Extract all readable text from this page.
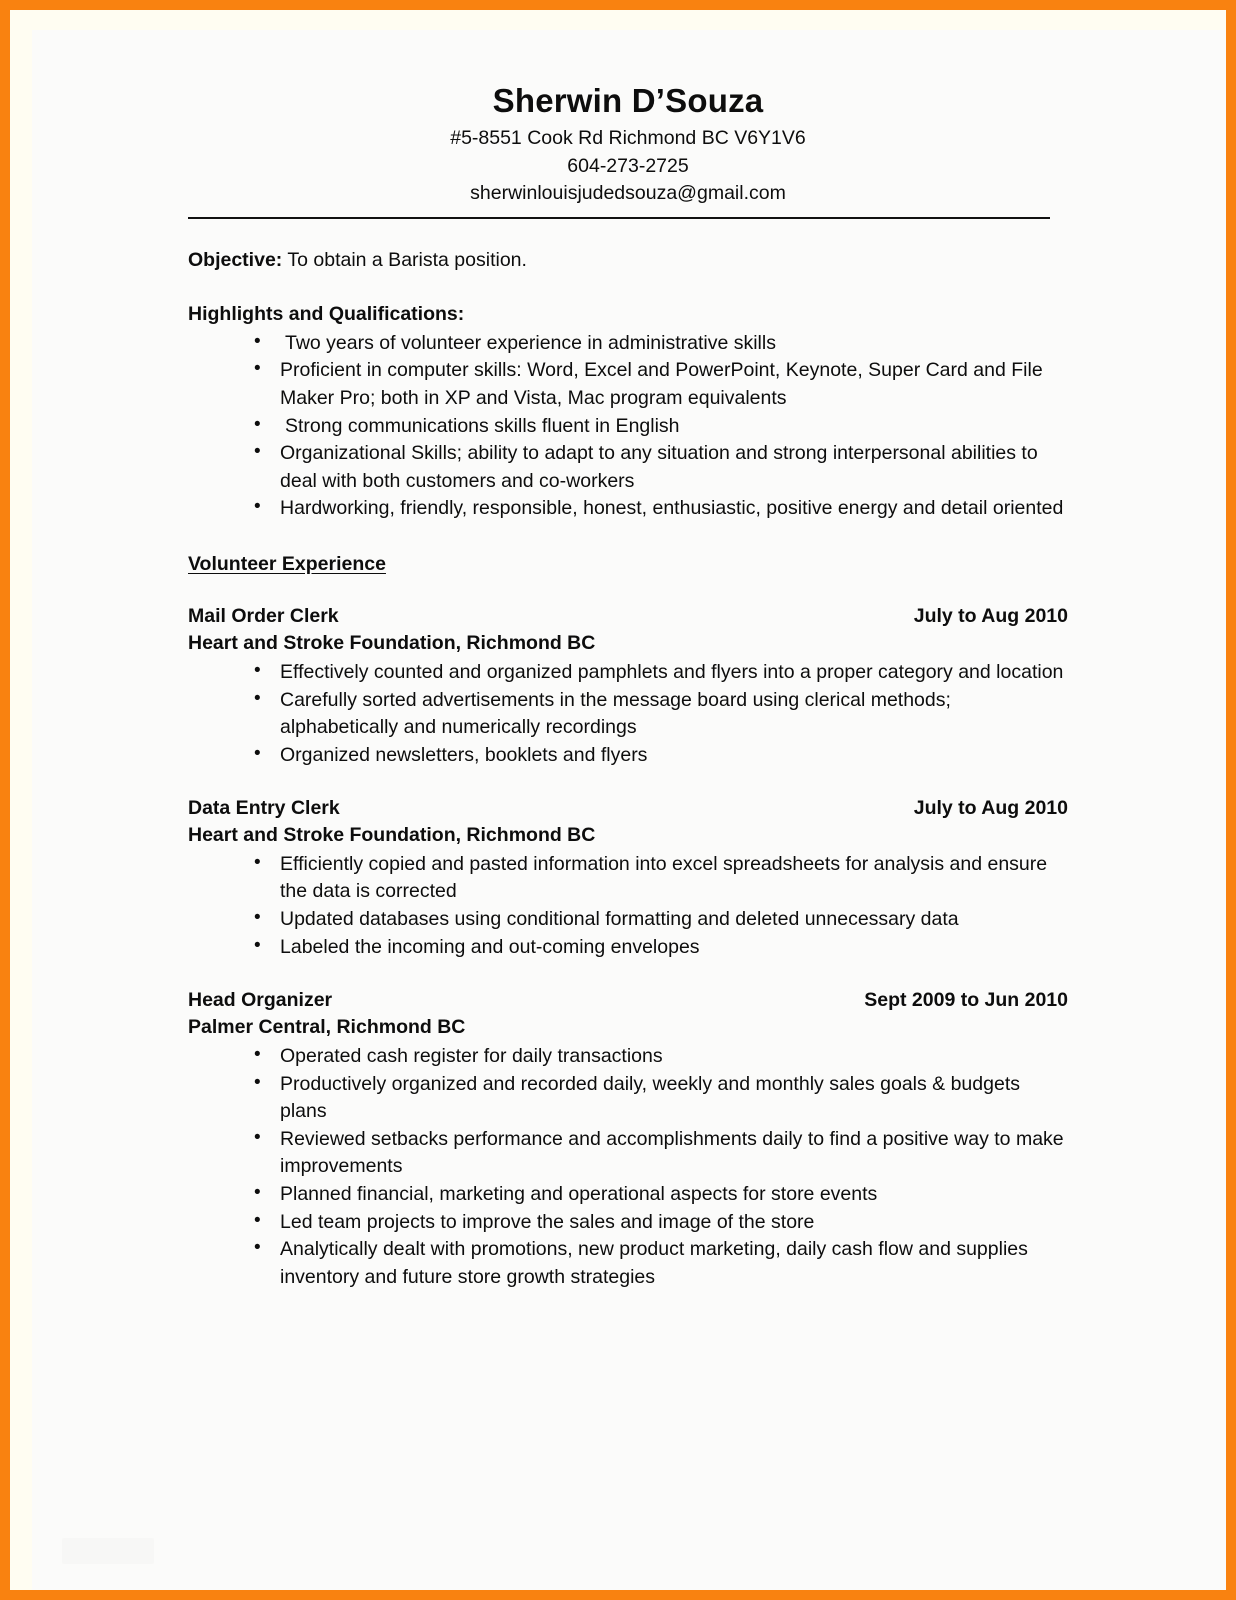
Sherwin D’Souza
#5-8551 Cook Rd Richmond BC V6Y1V6
604-273-2725
sherwinlouisjudedsouza@gmail.com
Objective: To obtain a Barista position.
Highlights and Qualifications:
• Two years of volunteer experience in administrative skills
• Proficient in computer skills: Word, Excel and PowerPoint, Keynote, Super Card and File Maker Pro; both in XP and Vista, Mac program equivalents
• Strong communications skills fluent in English
• Organizational Skills; ability to adapt to any situation and strong interpersonal abilities to deal with both customers and co-workers
• Hardworking, friendly, responsible, honest, enthusiastic, positive energy and detail oriented
Volunteer Experience
Mail Order Clerk	July to Aug 2010
Heart and Stroke Foundation, Richmond BC
• Effectively counted and organized pamphlets and flyers into a proper category and location
• Carefully sorted advertisements in the message board using clerical methods; alphabetically and numerically recordings
• Organized newsletters, booklets and flyers
Data Entry Clerk	July to Aug 2010
Heart and Stroke Foundation, Richmond BC
• Efficiently copied and pasted information into excel spreadsheets for analysis and ensure the data is corrected
• Updated databases using conditional formatting and deleted unnecessary data
• Labeled the incoming and out-coming envelopes
Head Organizer	Sept 2009 to Jun 2010
Palmer Central, Richmond BC
• Operated cash register for daily transactions
• Productively organized and recorded daily, weekly and monthly sales goals & budgets plans
• Reviewed setbacks performance and accomplishments daily to find a positive way to make improvements
• Planned financial, marketing and operational aspects for store events
• Led team projects to improve the sales and image of the store
• Analytically dealt with promotions, new product marketing, daily cash flow and supplies inventory and future store growth strategies
